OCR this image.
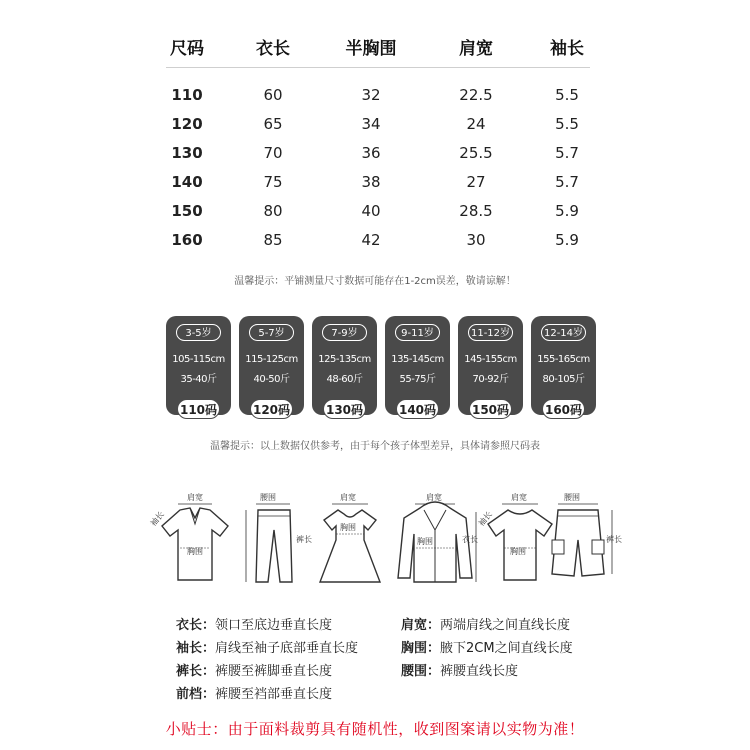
尺码	衣长	半胸围	肩宽	袖长
110	60	32	22.5	5.5
120	65	34	24	5.5
130	70	36	25.5	5.7
140	75	38	27	5.7
150	80	40	28.5	5.9
160	85	42	30	5.9
温馨提示：平铺测量尺寸数据可能存在1-2cm误差，敬请谅解！
3-5岁
105-115cm
35-40斤
110码
5-7岁
115-125cm
40-50斤
120码
7-9岁
125-135cm
48-60斤
130码
9-11岁
135-145cm
55-75斤
140码
11-12岁
145-155cm
70-92斤
150码
12-14岁
155-165cm
80-105斤
160码
温馨提示：以上数据仅供参考，由于每个孩子体型差异，具体请参照尺码表
肩宽
胸围
袖长
腰围
裤长
肩宽
胸围
肩宽
胸围	衣长
肩宽
胸围
袖长
腰围
裤长
衣长：领口至底边垂直长度	肩宽：两端肩线之间直线长度
袖长：肩线至袖子底部垂直长度	胸围：腋下2CM之间直线长度
裤长：裤腰至裤脚垂直长度	腰围：裤腰直线长度
前档：裤腰至裆部垂直长度
小贴士：由于面料裁剪具有随机性，收到图案请以实物为准！
